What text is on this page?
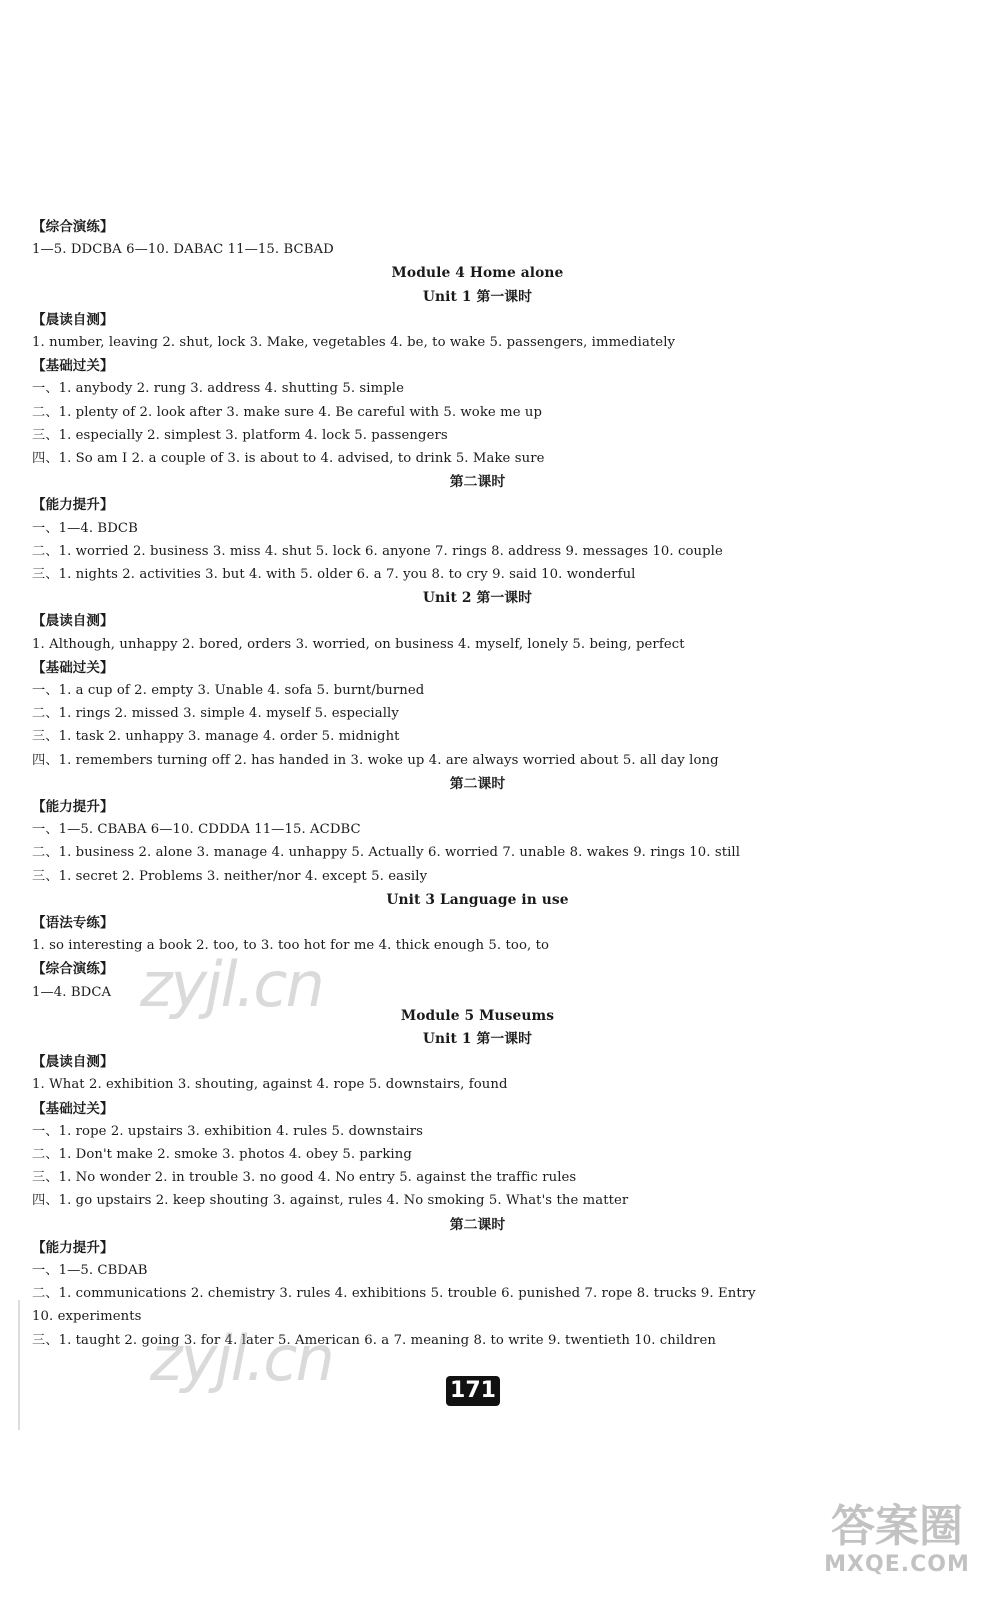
【综合演练】
1—5. DDCBA 6—10. DABAC 11—15. BCBAD
Module 4 Home alone
Unit 1 第一课时
【晨读自测】
1. number, leaving 2. shut, lock 3. Make, vegetables 4. be, to wake 5. passengers, immediately
【基础过关】
一、1. anybody 2. rung 3. address 4. shutting 5. simple
二、1. plenty of 2. look after 3. make sure 4. Be careful with 5. woke me up
三、1. especially 2. simplest 3. platform 4. lock 5. passengers
四、1. So am I 2. a couple of 3. is about to 4. advised, to drink 5. Make sure
第二课时
【能力提升】
一、1—4. BDCB
二、1. worried 2. business 3. miss 4. shut 5. lock 6. anyone 7. rings 8. address 9. messages 10. couple
三、1. nights 2. activities 3. but 4. with 5. older 6. a 7. you 8. to cry 9. said 10. wonderful
Unit 2 第一课时
【晨读自测】
1. Although, unhappy 2. bored, orders 3. worried, on business 4. myself, lonely 5. being, perfect
【基础过关】
一、1. a cup of 2. empty 3. Unable 4. sofa 5. burnt/burned
二、1. rings 2. missed 3. simple 4. myself 5. especially
三、1. task 2. unhappy 3. manage 4. order 5. midnight
四、1. remembers turning off 2. has handed in 3. woke up 4. are always worried about 5. all day long
第二课时
【能力提升】
一、1—5. CBABA 6—10. CDDDA 11—15. ACDBC
二、1. business 2. alone 3. manage 4. unhappy 5. Actually 6. worried 7. unable 8. wakes 9. rings 10. still
三、1. secret 2. Problems 3. neither/nor 4. except 5. easily
Unit 3 Language in use
【语法专练】
1. so interesting a book 2. too, to 3. too hot for me 4. thick enough 5. too, to
【综合演练】
1—4. BDCA
Module 5 Museums
Unit 1 第一课时
【晨读自测】
1. What 2. exhibition 3. shouting, against 4. rope 5. downstairs, found
【基础过关】
一、1. rope 2. upstairs 3. exhibition 4. rules 5. downstairs
二、1. Don't make 2. smoke 3. photos 4. obey 5. parking
三、1. No wonder 2. in trouble 3. no good 4. No entry 5. against the traffic rules
四、1. go upstairs 2. keep shouting 3. against, rules 4. No smoking 5. What's the matter
第二课时
【能力提升】
一、1—5. CBDAB
二、1. communications 2. chemistry 3. rules 4. exhibitions 5. trouble 6. punished 7. rope 8. trucks 9. Entry
10. experiments
三、1. taught 2. going 3. for 4. later 5. American 6. a 7. meaning 8. to write 9. twentieth 10. children
zyjl.cn
zyjl.cn	171
答案圈
MXQE.COM
